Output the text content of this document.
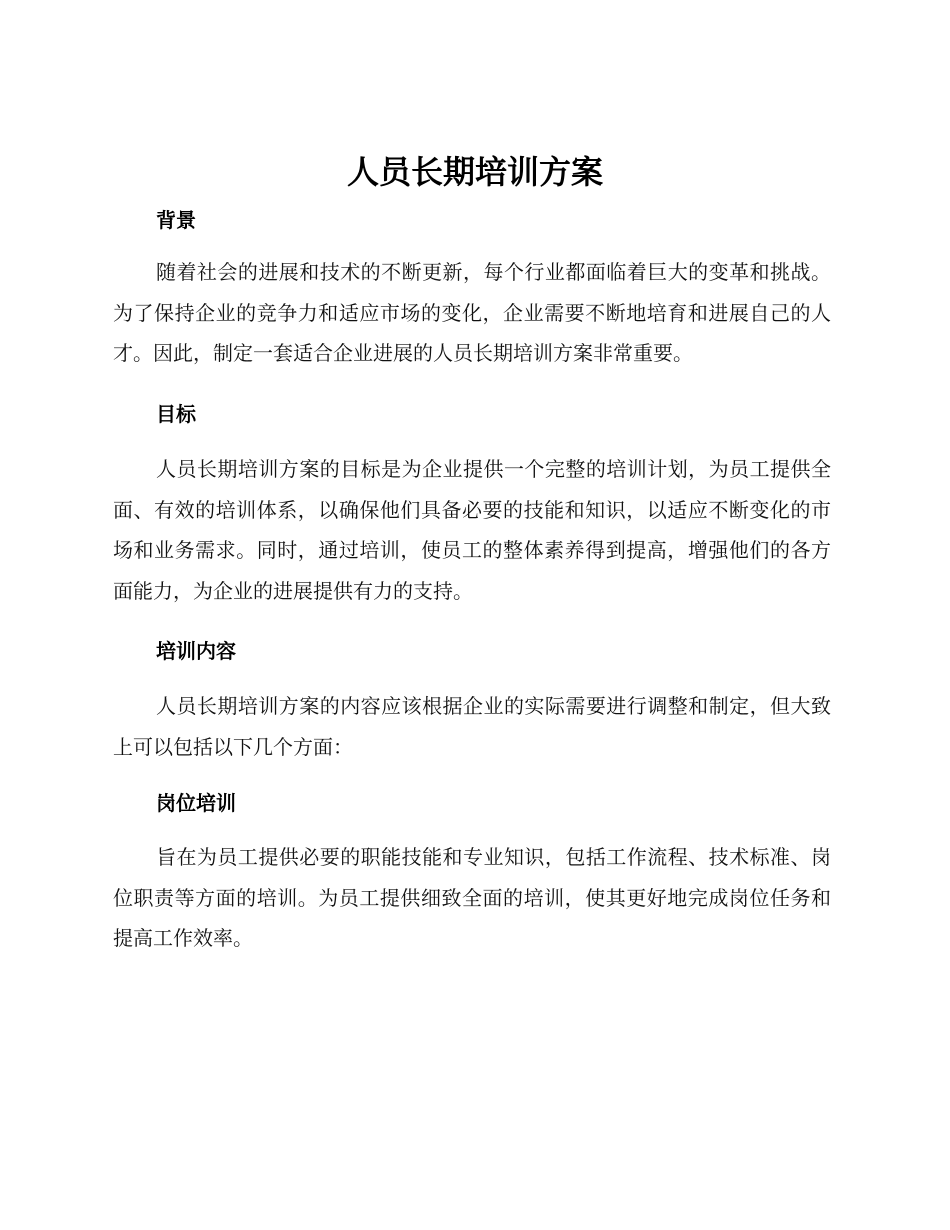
人员长期培训方案
背景

随着社会的进展和技术的不断更新，每个行业都面临着巨大的变革和挑战。为了保持企业的竞争力和适应市场的变化，企业需要不断地培育和进展自己的人才。因此，制定一套适合企业进展的人员长期培训方案非常重要。

目标

人员长期培训方案的目标是为企业提供一个完整的培训计划，为员工提供全面、有效的培训体系，以确保他们具备必要的技能和知识，以适应不断变化的市场和业务需求。同时，通过培训，使员工的整体素养得到提高，增强他们的各方面能力，为企业的进展提供有力的支持。

培训内容

人员长期培训方案的内容应该根据企业的实际需要进行调整和制定，但大致上可以包括以下几个方面：

岗位培训

旨在为员工提供必要的职能技能和专业知识，包括工作流程、技术标准、岗位职责等方面的培训。为员工提供细致全面的培训，使其更好地完成岗位任务和提高工作效率。
